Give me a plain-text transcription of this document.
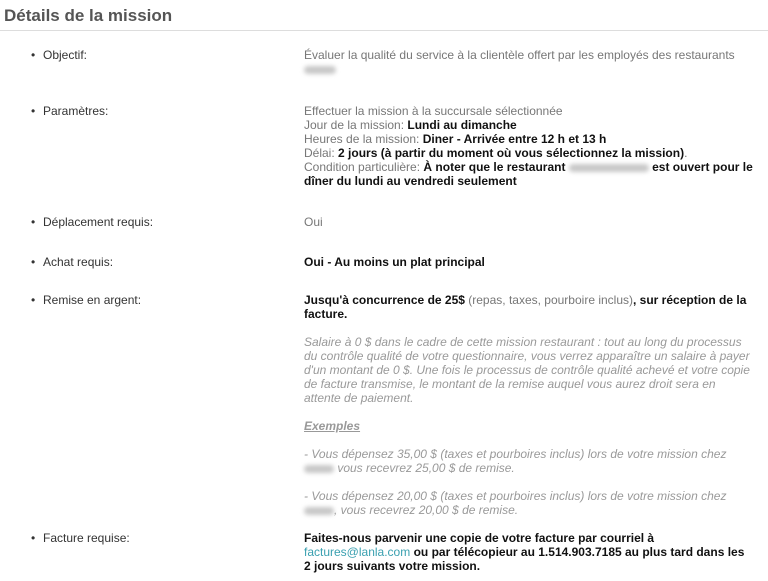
Détails de la mission
• Objectif:	Évaluer la qualité du service à la clientèle offert par les employés des restaurants

• Paramètres:	Effectuer la mission à la succursale sélectionnée
Jour de la mission: Lundi au dimanche
Heures de la mission: Diner - Arrivée entre 12 h et 13 h
Délai: 2 jours (à partir du moment où vous sélectionnez la mission).
Condition particulière: À noter que le restaurant	est ouvert pour le dîner du lundi au vendredi seulement
• Déplacement requis:	Oui
• Achat requis:	Oui - Au moins un plat principal
• Remise en argent:	Jusqu'à concurrence de 25$ (repas, taxes, pourboire inclus), sur réception de la facture.

Salaire à 0 $ dans le cadre de cette mission restaurant : tout au long du processus du contrôle qualité de votre questionnaire, vous verrez apparaître un salaire à payer d'un montant de 0 $. Une fois le processus de contrôle qualité achevé et votre copie de facture transmise, le montant de la remise auquel vous aurez droit sera en attente de paiement.

Exemples

- Vous dépensez 35,00 $ (taxes et pourboires inclus) lors de votre mission chez  vous recevrez 25,00 $ de remise.

- Vous dépensez 20,00 $ (taxes et pourboires inclus) lors de votre mission chez , vous recevrez 20,00 $ de remise.

• Facture requise:	Faites-nous parvenir une copie de votre facture par courriel à factures@lanla.com ou par télécopieur au 1.514.903.7185 au plus tard dans les 2 jours suivants votre mission.
